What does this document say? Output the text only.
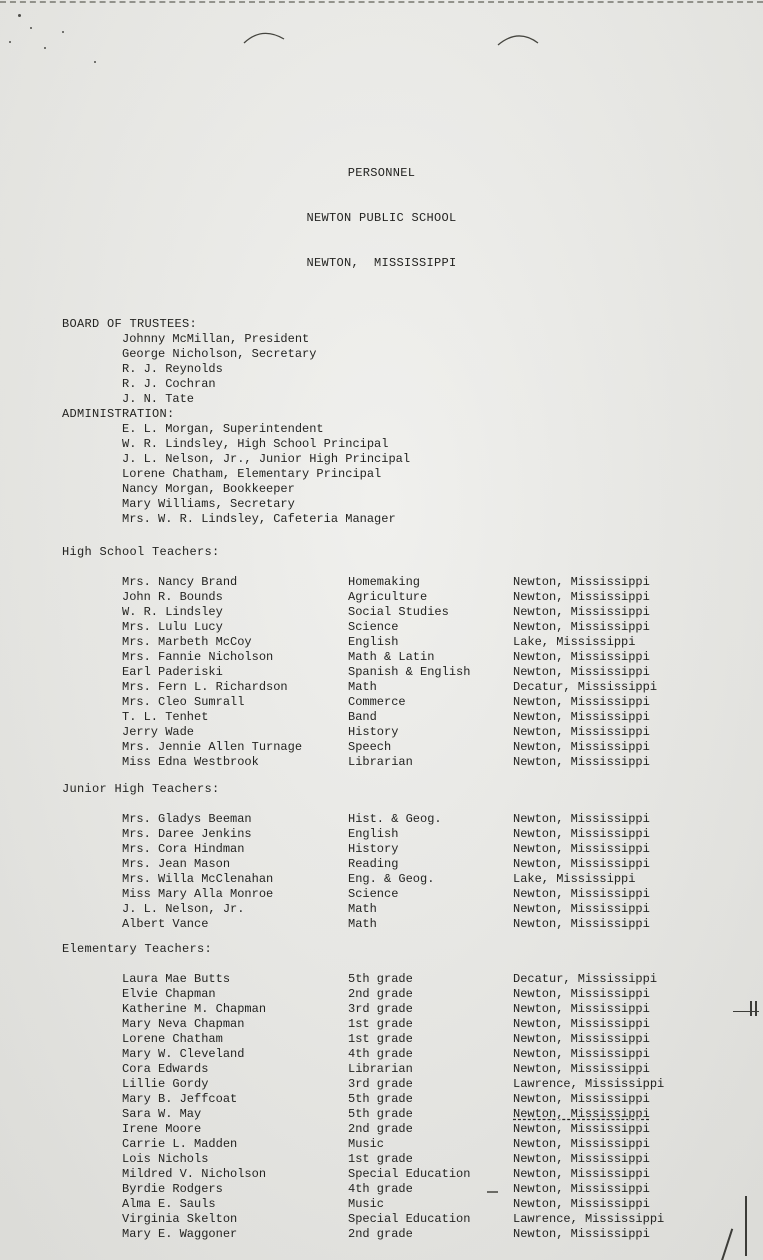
PERSONNEL

NEWTON PUBLIC SCHOOL

NEWTON,  MISSISSIPPI

BOARD OF TRUSTEES:
Johnny McMillan, President
George Nicholson, Secretary
R. J. Reynolds
R. J. Cochran
J. N. Tate
ADMINISTRATION:
E. L. Morgan, Superintendent
W. R. Lindsley, High School Principal
J. L. Nelson, Jr., Junior High Principal
Lorene Chatham, Elementary Principal
Nancy Morgan, Bookkeeper
Mary Williams, Secretary
Mrs. W. R. Lindsley, Cafeteria Manager
High School Teachers:
Mrs. Nancy Brand	Homemaking	Newton, Mississippi
John R. Bounds	Agriculture	Newton, Mississippi
W. R. Lindsley	Social Studies	Newton, Mississippi
Mrs. Lulu Lucy	Science	Newton, Mississippi
Mrs. Marbeth McCoy	English	Lake, Mississippi
Mrs. Fannie Nicholson	Math & Latin	Newton, Mississippi
Earl Paderiski	Spanish & English	Newton, Mississippi
Mrs. Fern L. Richardson	Math	Decatur, Mississippi
Mrs. Cleo Sumrall	Commerce	Newton, Mississippi
T. L. Tenhet	Band	Newton, Mississippi
Jerry Wade	History	Newton, Mississippi
Mrs. Jennie Allen Turnage	Speech	Newton, Mississippi
Miss Edna Westbrook	Librarian	Newton, Mississippi
Junior High Teachers:
Mrs. Gladys Beeman	Hist. & Geog.	Newton, Mississippi
Mrs. Daree Jenkins	English	Newton, Mississippi
Mrs. Cora Hindman	History	Newton, Mississippi
Mrs. Jean Mason	Reading	Newton, Mississippi
Mrs. Willa McClenahan	Eng. & Geog.	Lake, Mississippi
Miss Mary Alla Monroe	Science	Newton, Mississippi
J. L. Nelson, Jr.	Math	Newton, Mississippi
Albert Vance	Math	Newton, Mississippi
Elementary Teachers:
Laura Mae Butts	5th grade	Decatur, Mississippi
Elvie Chapman	2nd grade	Newton, Mississippi
Katherine M. Chapman	3rd grade	Newton, Mississippi
Mary Neva Chapman	1st grade	Newton, Mississippi
Lorene Chatham	1st grade	Newton, Mississippi
Mary W. Cleveland	4th grade	Newton, Mississippi
Cora Edwards	Librarian	Newton, Mississippi
Lillie Gordy	3rd grade	Lawrence, Mississippi
Mary B. Jeffcoat	5th grade	Newton, Mississippi
Sara W. May	5th grade	Newton, Mississippi
Irene Moore	2nd grade	Newton, Mississippi
Carrie L. Madden	Music	Newton, Mississippi
Lois Nichols	1st grade	Newton, Mississippi
Mildred V. Nicholson	Special Education	Newton, Mississippi
Byrdie Rodgers	4th grade	Newton, Mississippi
Alma E. Sauls	Music	Newton, Mississippi
Virginia Skelton	Special Education	Lawrence, Mississippi
Mary E. Waggoner	2nd grade	Newton, Mississippi
